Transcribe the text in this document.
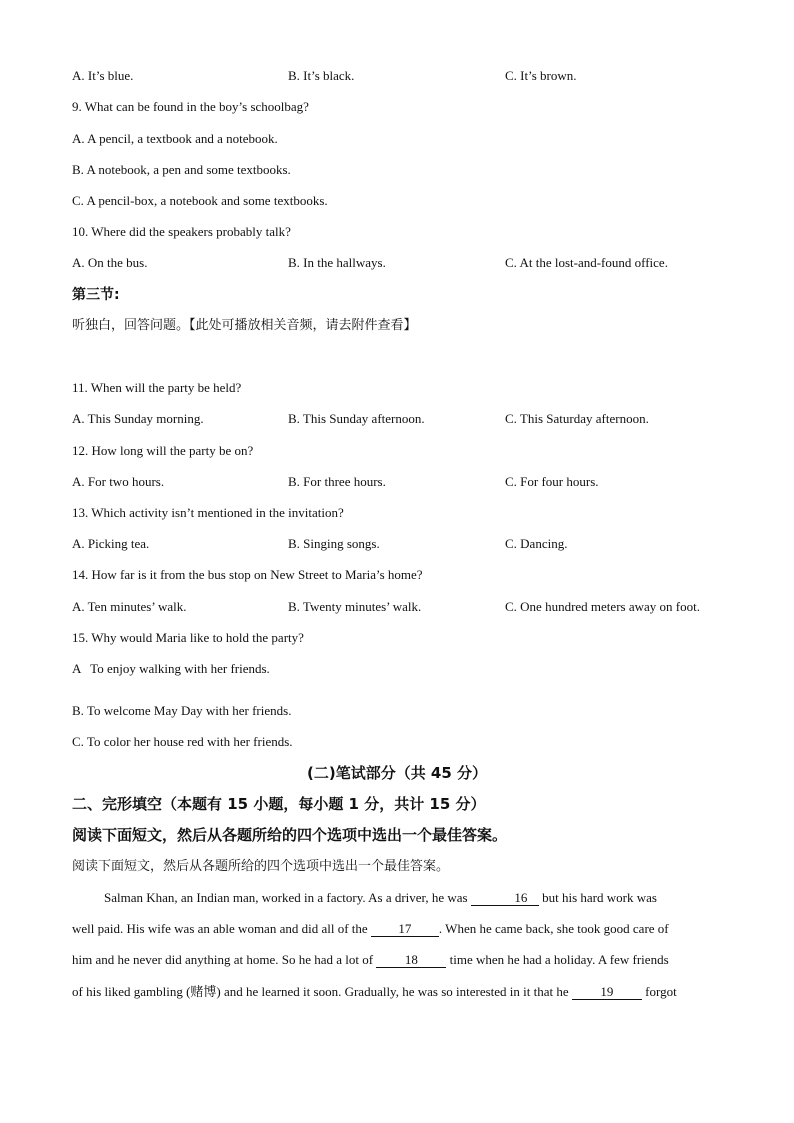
A. It’s blue.	B. It’s black.	C. It’s brown.
9. What can be found in the boy’s schoolbag?
A. A pencil, a textbook and a notebook.
B. A notebook, a pen and some textbooks.
C. A pencil-box, a notebook and some textbooks.
10. Where did the speakers probably talk?
A. On the bus.	B. In the hallways.	C. At the lost-and-found office.
第三节:
听独白，回答问题。【此处可播放相关音频，请去附件查看】
11. When will the party be held?
A. This Sunday morning.	B. This Sunday afternoon.	C. This Saturday afternoon.
12. How long will the party be on?
A. For two hours.	B. For three hours.	C. For four hours.
13. Which activity isn’t mentioned in the invitation?
A. Picking tea.	B. Singing songs.	C. Dancing.
14. How far is it from the bus stop on New Street to Maria’s home?
A. Ten minutes’ walk.	B. Twenty minutes’ walk.	C. One hundred meters away on foot.
15. Why would Maria like to hold the party?
A   To enjoy walking with her friends.
B. To welcome May Day with her friends.
C. To color her house red with her friends.
(二)笔试部分（共 45 分）
二、完形填空（本题有 15 小题，每小题 1 分，共计 15 分）
阅读下面短文，然后从各题所给的四个选项中选出一个最佳答案。
阅读下面短文，然后从各题所给的四个选项中选出一个最佳答案。
Salman Khan, an Indian man, worked in a factory. As a driver, he was	16 but his hard work was
well paid. His wife was an able woman and did all of the 17 . When he came back, she took good care of
him and he never did anything at home. So he had a lot of 18 time when he had a holiday. A few friends
of his liked gambling (赌博) and he learned it soon. Gradually, he was so interested in it that he 19 forgot
